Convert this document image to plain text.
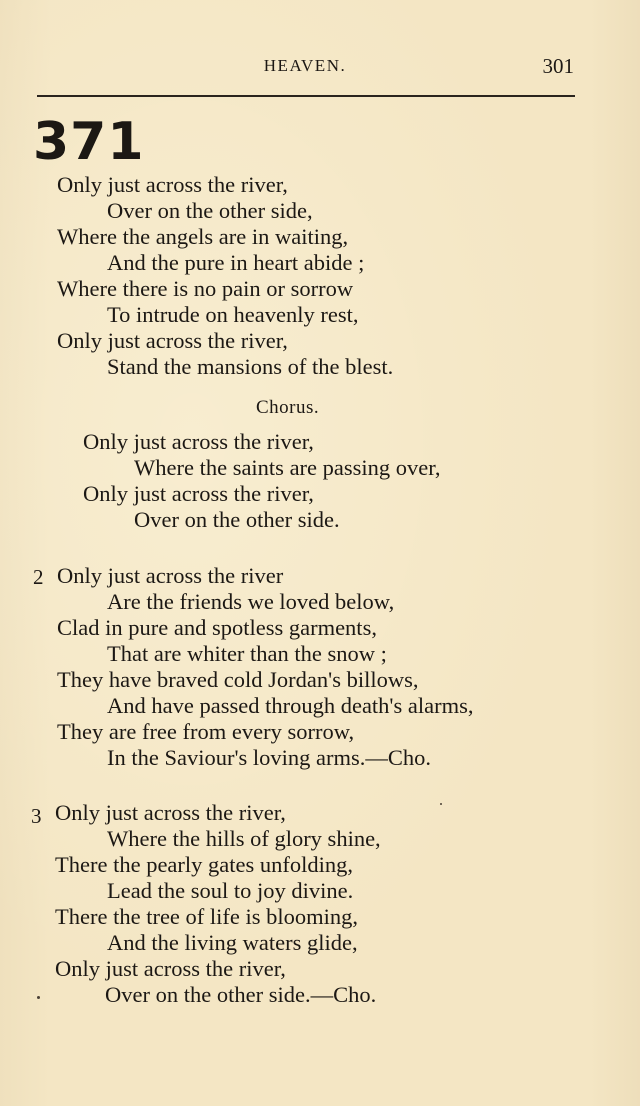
HEAVEN.	301
371
Only just across the river,
Over on the other side,
Where the angels are in waiting,
And the pure in heart abide ;
Where there is no pain or sorrow
To intrude on heavenly rest,
Only just across the river,
Stand the mansions of the blest.
Chorus.
Only just across the river,
Where the saints are passing over,
Only just across the river,
Over on the other side.
2 Only just across the river
Are the friends we loved below,
Clad in pure and spotless garments,
That are whiter than the snow ;
They have braved cold Jordan's billows,
And have passed through death's alarms,
They are free from every sorrow,
In the Saviour's loving arms.—Cho.
3 Only just across the river,
Where the hills of glory shine,
There the pearly gates unfolding,
Lead the soul to joy divine.
There the tree of life is blooming,
And the living waters glide,
Only just across the river,
Over on the other side.—Cho.
